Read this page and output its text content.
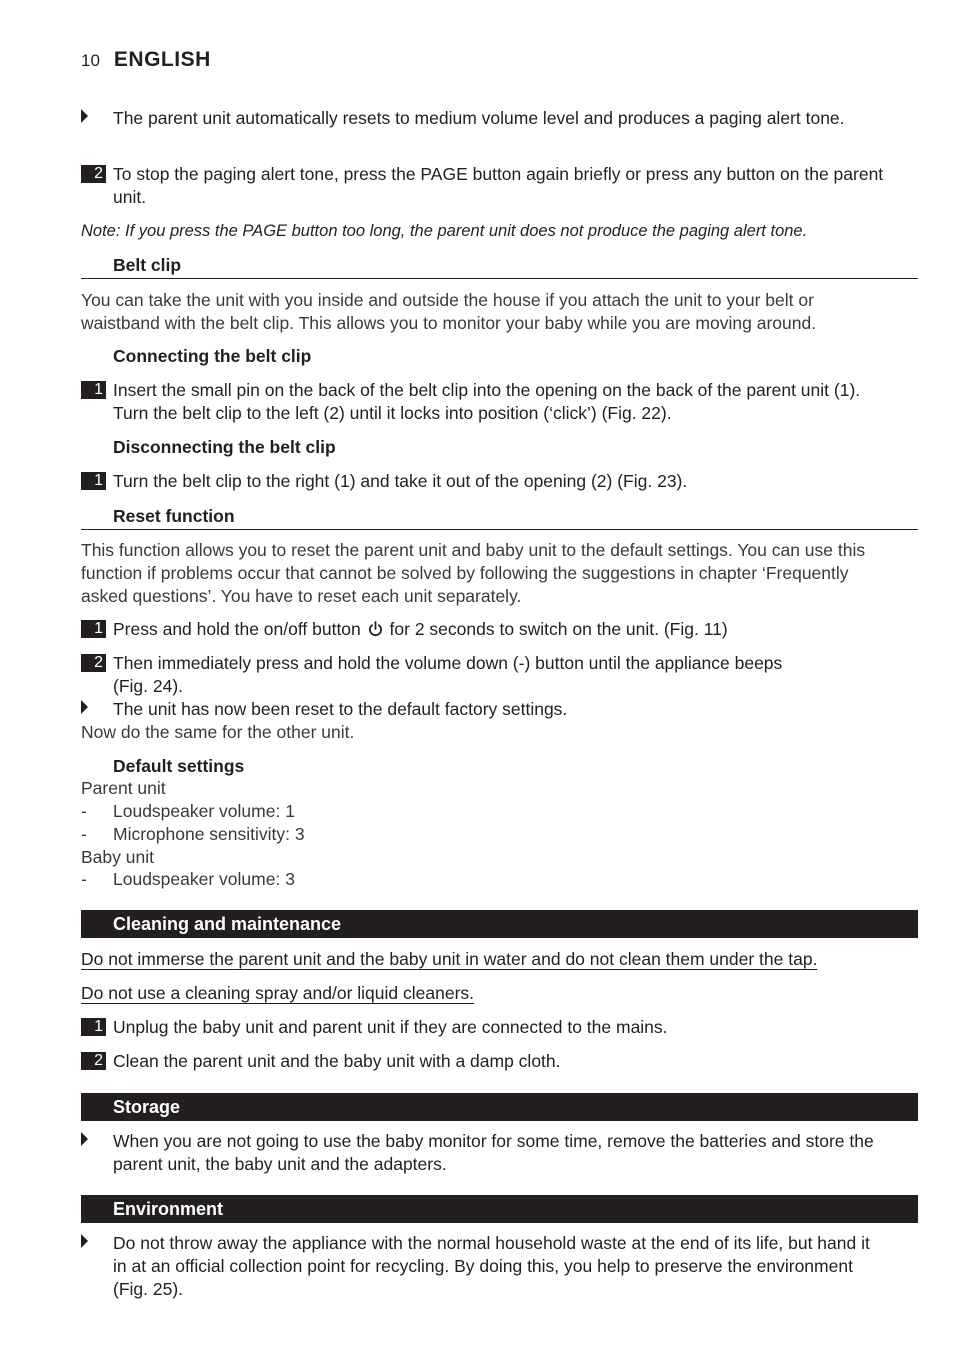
10 ENGLISH
The parent unit automatically resets to medium volume level and produces a paging alert tone.
2 To stop the paging alert tone, press the PAGE button again briefly or press any button on the parent unit.
Note: If you press the PAGE button too long, the parent unit does not produce the paging alert tone.
Belt clip
You can take the unit with you inside and outside the house if you attach the unit to your belt or waistband with the belt clip. This allows you to monitor your baby while you are moving around.
Connecting the belt clip
1 Insert the small pin on the back of the belt clip into the opening on the back of the parent unit (1). Turn the belt clip to the left (2) until it locks into position (‘click’) (Fig. 22).
Disconnecting the belt clip
1 Turn the belt clip to the right (1) and take it out of the opening (2) (Fig. 23).
Reset function
This function allows you to reset the parent unit and baby unit to the default settings. You can use this function if problems occur that cannot be solved by following the suggestions in chapter ‘Frequently asked questions’. You have to reset each unit separately.
1 Press and hold the on/off button for 2 seconds to switch on the unit. (Fig. 11)
2 Then immediately press and hold the volume down (-) button until the appliance beeps (Fig. 24).
The unit has now been reset to the default factory settings.
Now do the same for the other unit.
Default settings
Parent unit
- Loudspeaker volume: 1
- Microphone sensitivity: 3
Baby unit
- Loudspeaker volume: 3
Cleaning and maintenance
Do not immerse the parent unit and the baby unit in water and do not clean them under the tap.
Do not use a cleaning spray and/or liquid cleaners.
1 Unplug the baby unit and parent unit if they are connected to the mains.
2 Clean the parent unit and the baby unit with a damp cloth.
Storage
When you are not going to use the baby monitor for some time, remove the batteries and store the parent unit, the baby unit and the adapters.
Environment
Do not throw away the appliance with the normal household waste at the end of its life, but hand it in at an official collection point for recycling. By doing this, you help to preserve the environment (Fig. 25).
